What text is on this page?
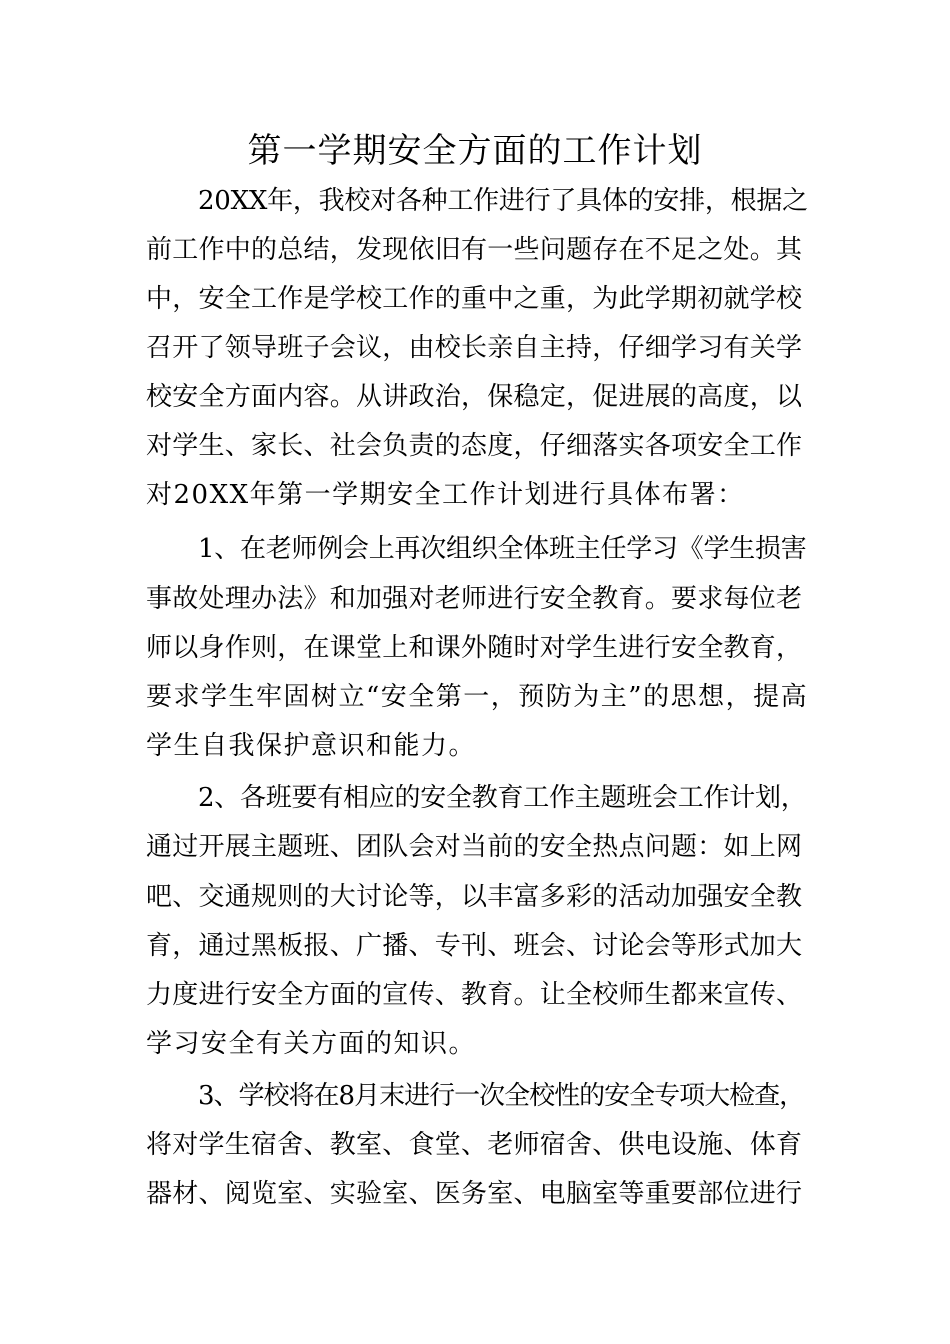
第一学期安全方面的工作计划
20XX年，我校对各种工作进行了具体的安排，根据之
前工作中的总结，发现依旧有一些问题存在不足之处。其
中，安全工作是学校工作的重中之重，为此学期初就学校
召开了领导班子会议，由校长亲自主持，仔细学习有关学
校安全方面内容。从讲政治，保稳定，促进展的高度，以
对学生、家长、社会负责的态度，仔细落实各项安全工作
对20XX年第一学期安全工作计划进行具体布署：
1、在老师例会上再次组织全体班主任学习《学生损害
事故处理办法》和加强对老师进行安全教育。要求每位老
师以身作则，在课堂上和课外随时对学生进行安全教育，
要求学生牢固树立“安全第一，预防为主”的思想，提高
学生自我保护意识和能力。
2、各班要有相应的安全教育工作主题班会工作计划，
通过开展主题班、团队会对当前的安全热点问题：如上网
吧、交通规则的大讨论等，以丰富多彩的活动加强安全教
育，通过黑板报、广播、专刊、班会、讨论会等形式加大
力度进行安全方面的宣传、教育。让全校师生都来宣传、
学习安全有关方面的知识。
3、学校将在8月末进行一次全校性的安全专项大检查，
将对学生宿舍、教室、食堂、老师宿舍、供电设施、体育
器材、阅览室、实验室、医务室、电脑室等重要部位进行
